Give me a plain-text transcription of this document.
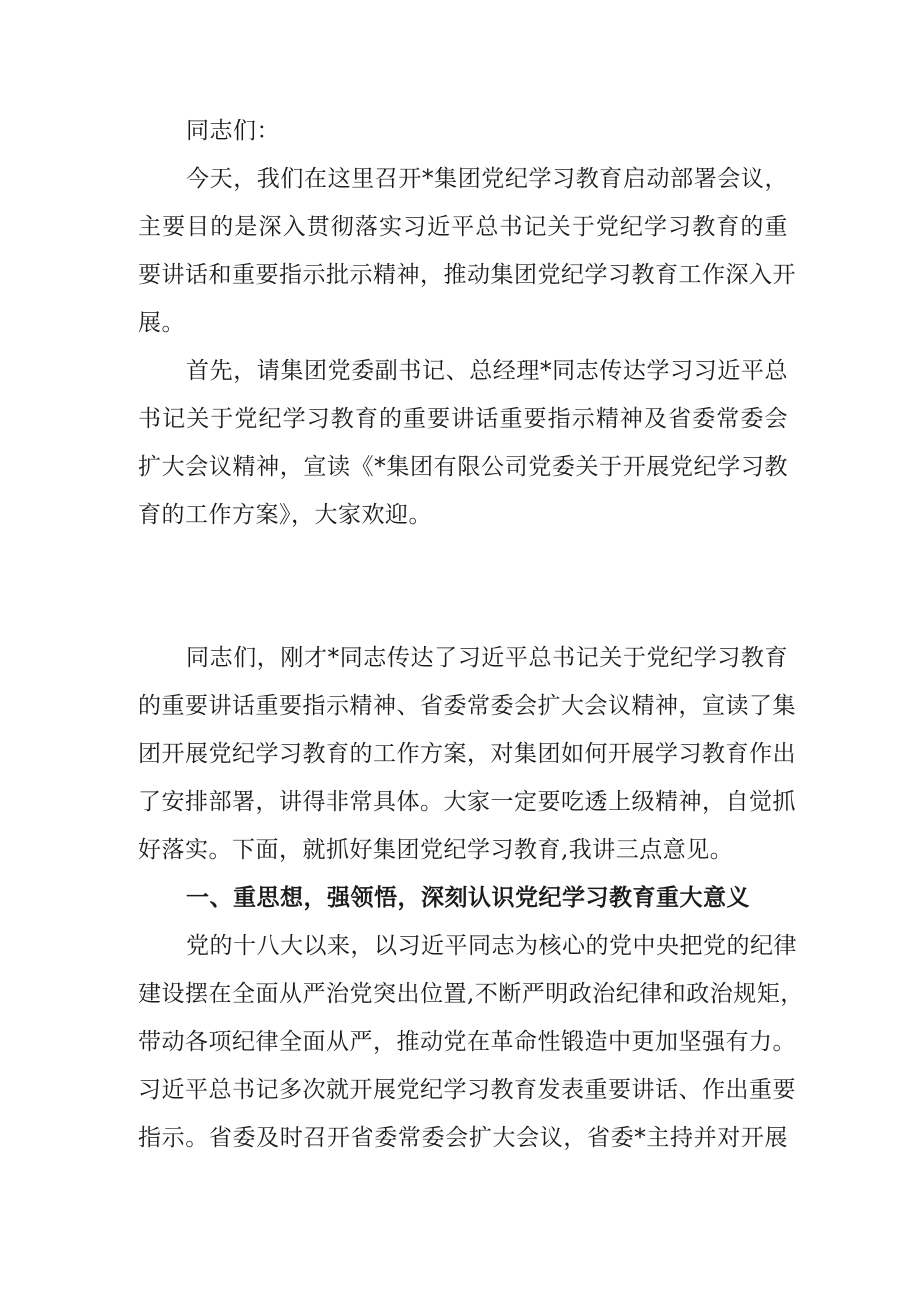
同志们：
今天，我们在这里召开*集团党纪学习教育启动部署会议，
主要目的是深入贯彻落实习近平总书记关于党纪学习教育的重
要讲话和重要指示批示精神，推动集团党纪学习教育工作深入开
展。
首先，请集团党委副书记、总经理*同志传达学习习近平总
书记关于党纪学习教育的重要讲话重要指示精神及省委常委会
扩大会议精神，宣读《*集团有限公司党委关于开展党纪学习教
育的工作方案》，大家欢迎。
同志们，刚才*同志传达了习近平总书记关于党纪学习教育
的重要讲话重要指示精神、省委常委会扩大会议精神，宣读了集
团开展党纪学习教育的工作方案，对集团如何开展学习教育作出
了安排部署，讲得非常具体。大家一定要吃透上级精神，自觉抓
好落实。下面，就抓好集团党纪学习教育,我讲三点意见。
一、重思想，强领悟，深刻认识党纪学习教育重大意义
党的十八大以来，以习近平同志为核心的党中央把党的纪律
建设摆在全面从严治党突出位置,不断严明政治纪律和政治规矩，
带动各项纪律全面从严，推动党在革命性锻造中更加坚强有力。
习近平总书记多次就开展党纪学习教育发表重要讲话、作出重要
指示。省委及时召开省委常委会扩大会议，省委*主持并对开展
